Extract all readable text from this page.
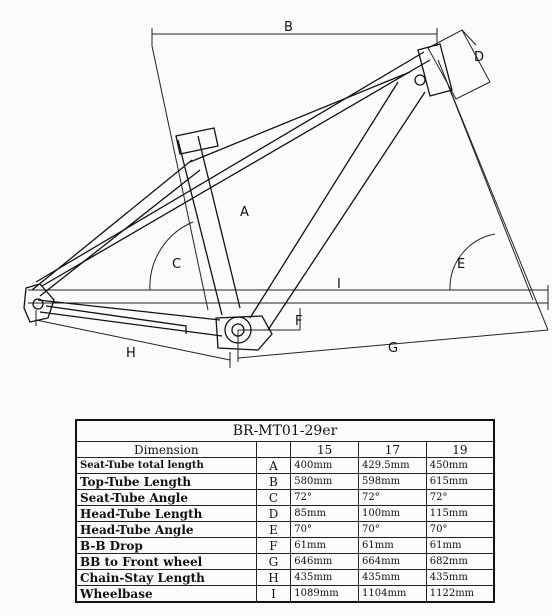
B
D
A
C	E
I
F
G
H
BR-MT01-29er				
Dimension		15	17	19
Seat-Tube total length	A	400mm	429.5mm	450mm
Top-Tube Length	B	580mm	598mm	615mm
Seat-Tube Angle	C	72°	72°	72°
Head-Tube Length	D	85mm	100mm	115mm
Head-Tube Angle	E	70°	70°	70°
B-B Drop	F	61mm	61mm	61mm
BB to Front wheel	G	646mm	664mm	682mm
Chain-Stay Length	H	435mm	435mm	435mm
Wheelbase	I	1089mm	1104mm	1122mm
